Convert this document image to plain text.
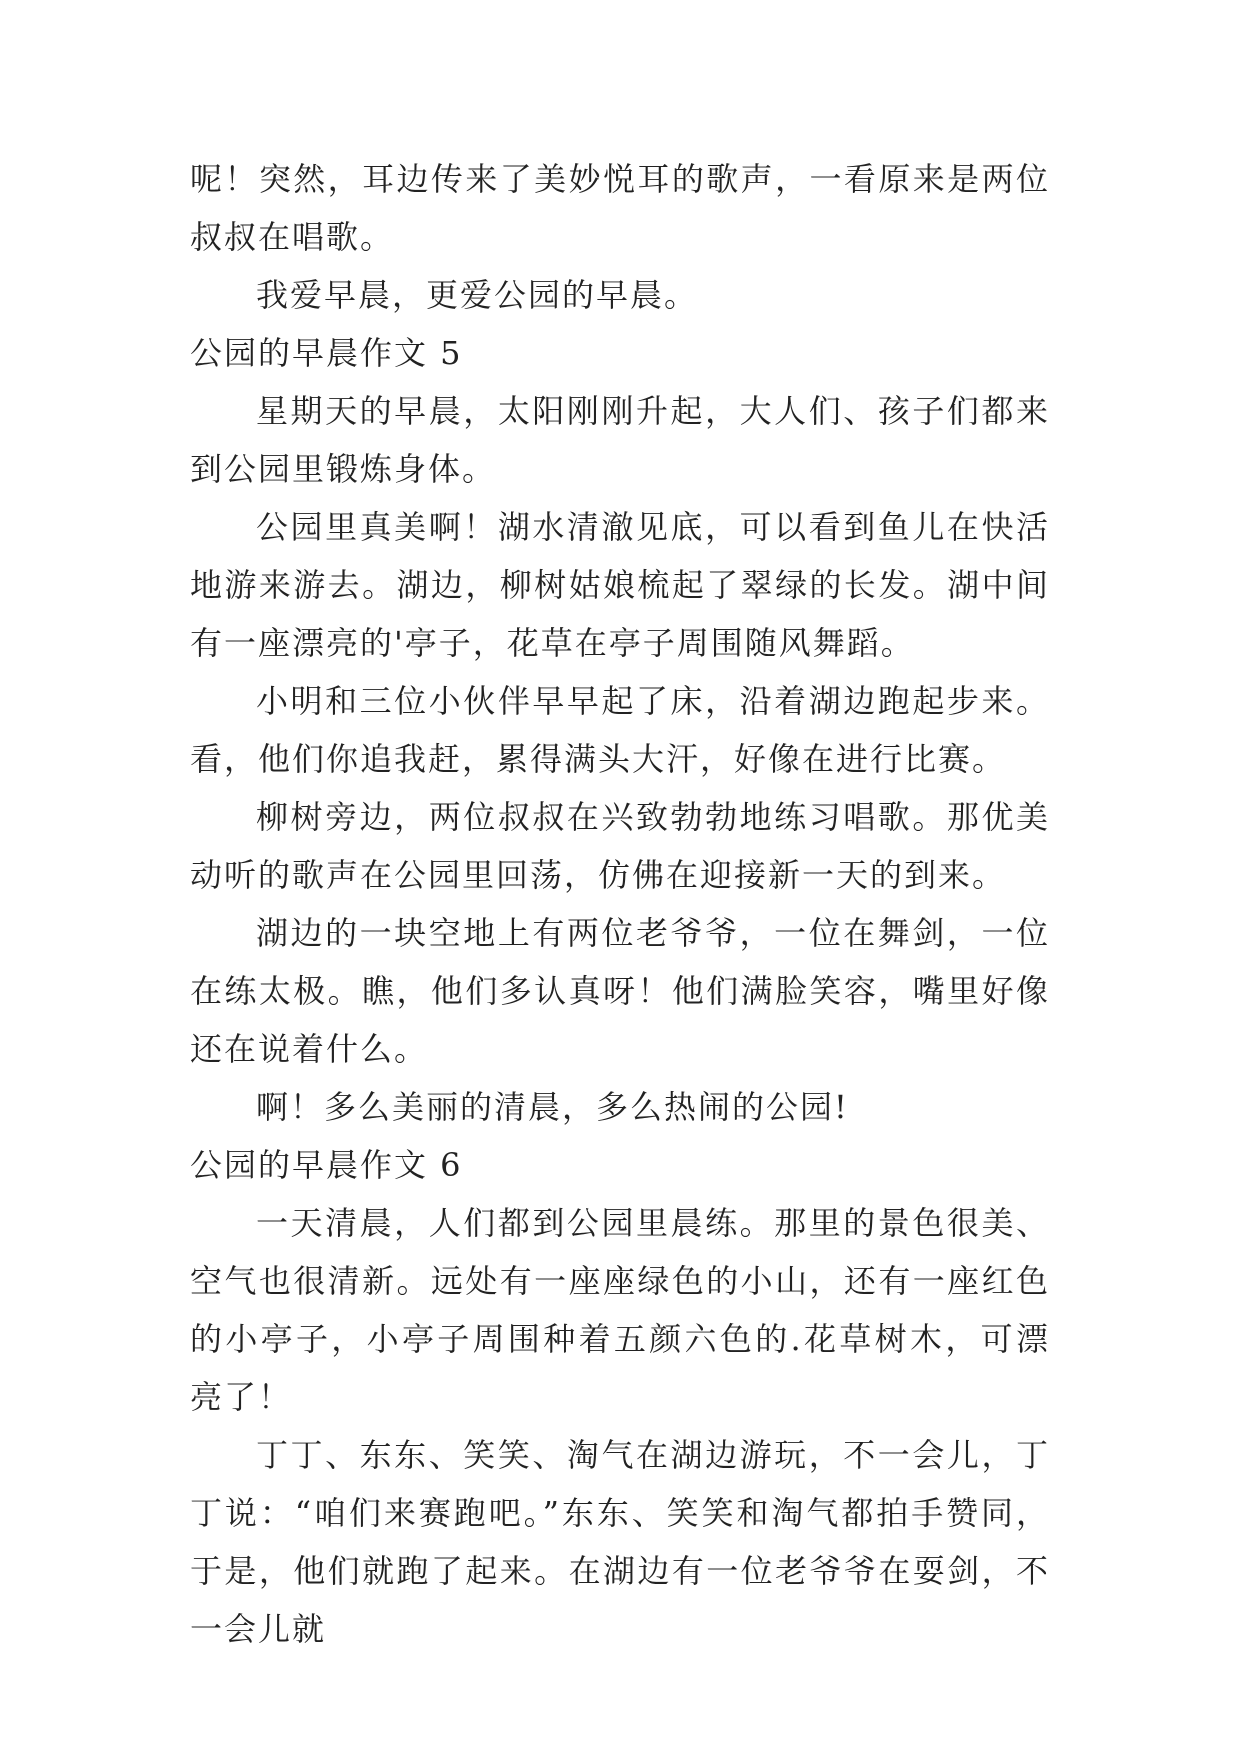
呢！突然，耳边传来了美妙悦耳的歌声，一看原来是两位叔叔在唱歌。

我爱早晨，更爱公园的早晨。

公园的早晨作文 5

星期天的早晨，太阳刚刚升起，大人们、孩子们都来到公园里锻炼身体。

公园里真美啊！湖水清澈见底，可以看到鱼儿在快活地游来游去。湖边，柳树姑娘梳起了翠绿的长发。湖中间有一座漂亮的'亭子，花草在亭子周围随风舞蹈。

小明和三位小伙伴早早起了床，沿着湖边跑起步来。看，他们你追我赶，累得满头大汗，好像在进行比赛。

柳树旁边，两位叔叔在兴致勃勃地练习唱歌。那优美动听的歌声在公园里回荡，仿佛在迎接新一天的到来。

湖边的一块空地上有两位老爷爷，一位在舞剑，一位在练太极。瞧，他们多认真呀！他们满脸笑容，嘴里好像还在说着什么。

啊！多么美丽的清晨，多么热闹的公园!

公园的早晨作文 6

一天清晨，人们都到公园里晨练。那里的景色很美、空气也很清新。远处有一座座绿色的小山，还有一座红色的小亭子，小亭子周围种着五颜六色的.花草树木，可漂亮了！

丁丁、东东、笑笑、淘气在湖边游玩，不一会儿，丁丁说：“咱们来赛跑吧。”东东、笑笑和淘气都拍手赞同，于是，他们就跑了起来。在湖边有一位老爷爷在耍剑，不一会儿就
